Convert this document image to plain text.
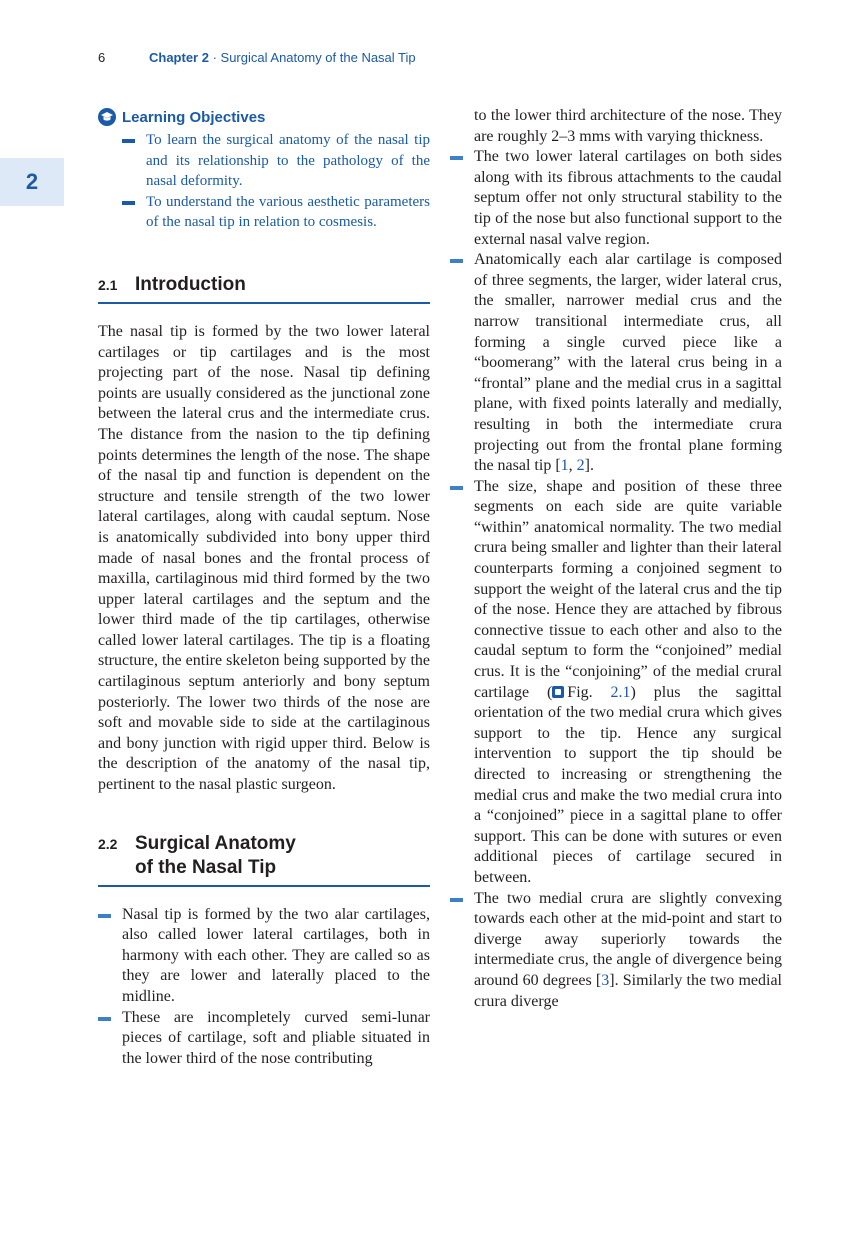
6	Chapter 2 · Surgical Anatomy of the Nasal Tip
2
Learning Objectives
To learn the surgical anatomy of the nasal tip and its relationship to the pathology of the nasal deformity.
To understand the various aesthetic parameters of the nasal tip in relation to cosmesis.
2.1 Introduction

The nasal tip is formed by the two lower lateral cartilages or tip cartilages and is the most projecting part of the nose. Nasal tip defining points are usually considered as the junctional zone between the lateral crus and the intermediate crus. The distance from the nasion to the tip defining points determines the length of the nose. The shape of the nasal tip and function is dependent on the structure and tensile strength of the two lower lateral cartilages, along with caudal septum. Nose is anatomically subdivided into bony upper third made of nasal bones and the frontal process of maxilla, cartilaginous mid third formed by the two upper lateral cartilages and the septum and the lower third made of the tip cartilages, otherwise called lower lateral cartilages. The tip is a floating structure, the entire skeleton being supported by the cartilaginous septum anteriorly and bony septum posteriorly. The lower two thirds of the nose are soft and movable side to side at the cartilaginous and bony junction with rigid upper third. Below is the description of the anatomy of the nasal tip, pertinent to the nasal plastic surgeon.

2.2 Surgical Anatomy
of the Nasal Tip
Nasal tip is formed by the two alar cartilages, also called lower lateral cartilages, both in harmony with each other. They are called so as they are lower and laterally placed to the midline.
These are incompletely curved semi-lunar pieces of cartilage, soft and pliable situated in the lower third of the nose contributing
to the lower third architecture of the nose. They are roughly 2–3 mms with varying thickness.
The two lower lateral cartilages on both sides along with its fibrous attachments to the caudal septum offer not only structural stability to the tip of the nose but also functional support to the external nasal valve region.
Anatomically each alar cartilage is composed of three segments, the larger, wider lateral crus, the smaller, narrower medial crus and the narrow transitional intermediate crus, all forming a single curved piece like a “boomerang” with the lateral crus being in a “frontal” plane and the medial crus in a sagittal plane, with fixed points laterally and medially, resulting in both the intermediate crura projecting out from the frontal plane forming the nasal tip [1, 2].
The size, shape and position of these three segments on each side are quite variable “within” anatomical normality. The two medial crura being smaller and lighter than their lateral counterparts forming a conjoined segment to support the weight of the lateral crus and the tip of the nose. Hence they are attached by fibrous connective tissue to each other and also to the caudal septum to form the “conjoined” medial crus. It is the “conjoining” of the medial crural cartilage ( Fig. 2.1) plus the sagittal orientation of the two medial crura which gives support to the tip. Hence any surgical intervention to support the tip should be directed to increasing or strengthening the medial crus and make the two medial crura into a “conjoined” piece in a sagittal plane to offer support. This can be done with sutures or even additional pieces of cartilage secured in between.
The two medial crura are slightly convexing towards each other at the mid-point and start to diverge away superiorly towards the intermediate crus, the angle of divergence being around 60 degrees [3]. Similarly the two medial crura diverge
